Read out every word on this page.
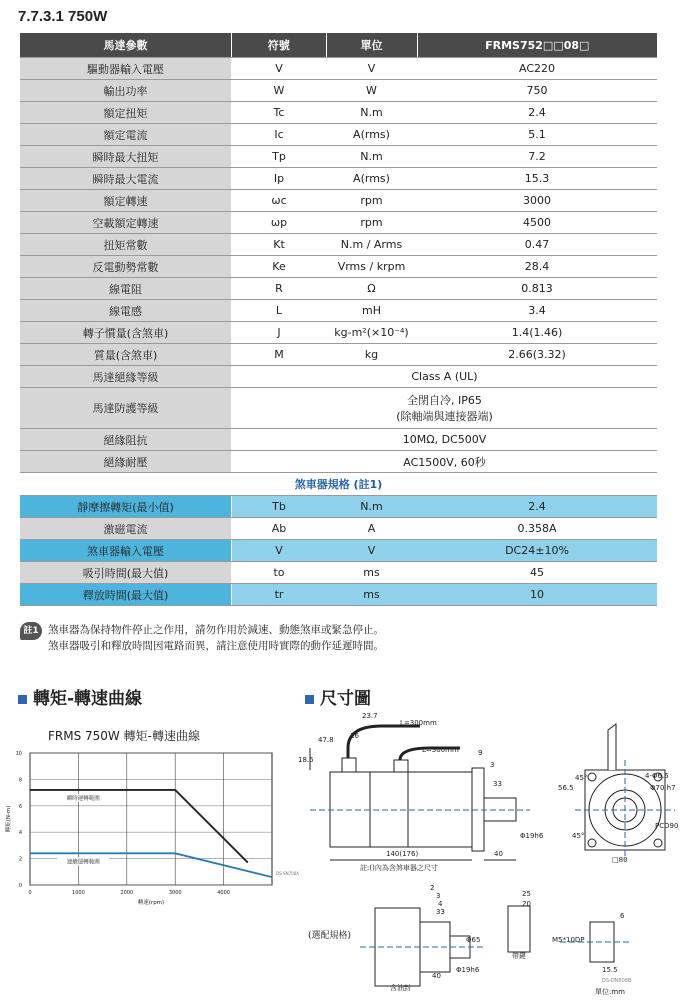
7.7.3.1 750W
馬達參數	符號	單位	FRMS752□□08□
驅動器輸入電壓	V	V	AC220
輸出功率	W	W	750
額定扭矩	Tc	N.m	2.4
額定電流	Ic	A(rms)	5.1
瞬時最大扭矩	Tp	N.m	7.2
瞬時最大電流	Ip	A(rms)	15.3
額定轉速	ωc	rpm	3000
空載額定轉速	ωp	rpm	4500
扭矩常數	Kt	N.m / Arms	0.47
反電動勢常數	Ke	Vrms / krpm	28.4
線電阻	R	Ω	0.813
線電感	L	mH	3.4
轉子慣量(含煞車)	J	kg-m²(×10⁻⁴)	1.4(1.46)
質量(含煞車)	M	kg	2.66(3.32)
馬達絕緣等級	Class A (UL)		
馬達防護等級	全閉自冷, IP65
(除軸端與連接器端)		

絕緣阻抗	10MΩ, DC500V		
絕緣耐壓	AC1500V, 60秒		
煞車器規格 (註1)			
靜摩擦轉矩(最小值)	Tb	N.m	2.4
激磁電流	Ab	A	0.358A
煞車器輸入電壓	V	V	DC24±10%
吸引時間(最大值)	to	ms	45
釋放時間(最大值)	tr	ms	10
註1 煞車器為保持物件停止之作用，請勿作用於減速、動態煞車或緊急停止。
煞車器吸引和釋放時間因電路而異，請注意使用時實際的動作延遲時間。
轉矩-轉速曲線	尺寸圖
FRMS 750W 轉矩-轉速曲線
0
2
4
6
8
10
0	1000	2000	3000	4000
轉速(rpm)
轉矩(N-m)
瞬時運轉範圍
連續運轉範圍
DS-SN708A
23.7
L=300mm
47.8 16
L=300mm
18.5
9
3
33	56.5
45°	4-Φ6.6
Φ70 h7
Φ19h6	45°
PCD90
140(176)	40
□80
註:()內為含煞車器之尺寸
2
3
4
33
25
20
6
(選配規格)	Φ65
Φ19h6
40
含油封
帶鍵
M5*10DP
15.5
DS-DN808B
單位:mm
